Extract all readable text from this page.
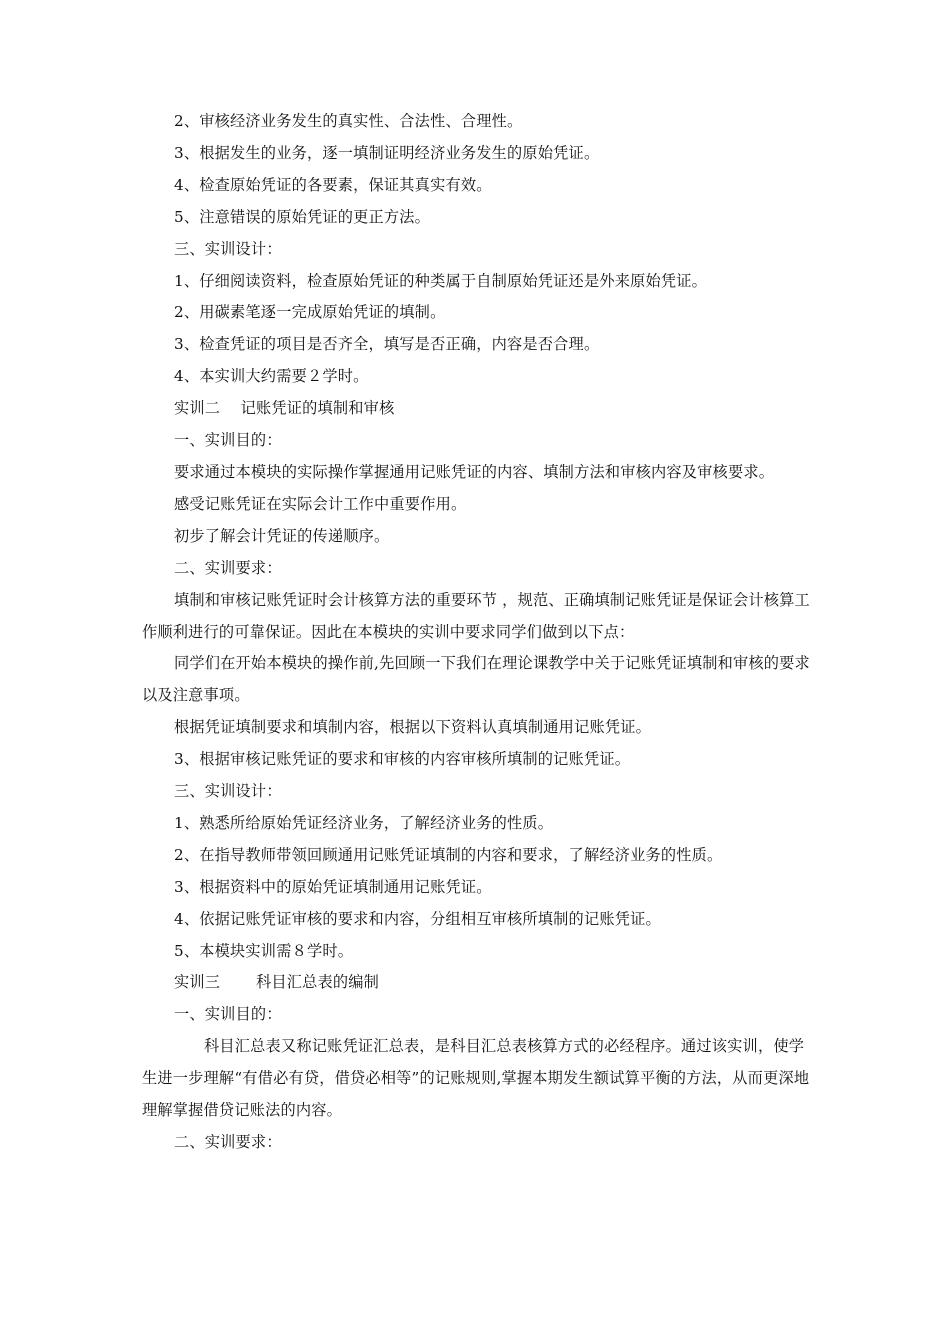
2、审核经济业务发生的真实性、合法性、合理性。
3、根据发生的业务，逐一填制证明经济业务发生的原始凭证。
4、检查原始凭证的各要素，保证其真实有效。
5、注意错误的原始凭证的更正方法。
三、实训设计：
1、仔细阅读资料，检查原始凭证的种类属于自制原始凭证还是外来原始凭证。
2、用碳素笔逐一完成原始凭证的填制。
3、检查凭证的项目是否齐全，填写是否正确，内容是否合理。
4、本实训大约需要２学时。
实训二　 记账凭证的填制和审核
一、实训目的：
要求通过本模块的实际操作掌握通用记账凭证的内容、填制方法和审核内容及审核要求。
感受记账凭证在实际会计工作中重要作用。
初步了解会计凭证的传递顺序。
二、实训要求：
填制和审核记账凭证时会计核算方法的重要环节 ，规范、正确填制记账凭证是保证会计核算工作顺利进行的可靠保证。因此在本模块的实训中要求同学们做到以下点：
同学们在开始本模块的操作前,先回顾一下我们在理论课教学中关于记账凭证填制和审核的要求以及注意事项。
根据凭证填制要求和填制内容，根据以下资料认真填制通用记账凭证。
3、根据审核记账凭证的要求和审核的内容审核所填制的记账凭证。
三、实训设计：
1、熟悉所给原始凭证经济业务，了解经济业务的性质。
2、在指导教师带领回顾通用记账凭证填制的内容和要求，了解经济业务的性质。
3、根据资料中的原始凭证填制通用记账凭证。
4、依据记账凭证审核的要求和内容，分组相互审核所填制的记账凭证。
5、本模块实训需８学时。
实训三　　 科目汇总表的编制
一、实训目的：
科目汇总表又称记账凭证汇总表，是科目汇总表核算方式的必经程序。通过该实训，使学生进一步理解“有借必有贷，借贷必相等”的记账规则,掌握本期发生额试算平衡的方法，从而更深地理解掌握借贷记账法的内容。
二、实训要求：
